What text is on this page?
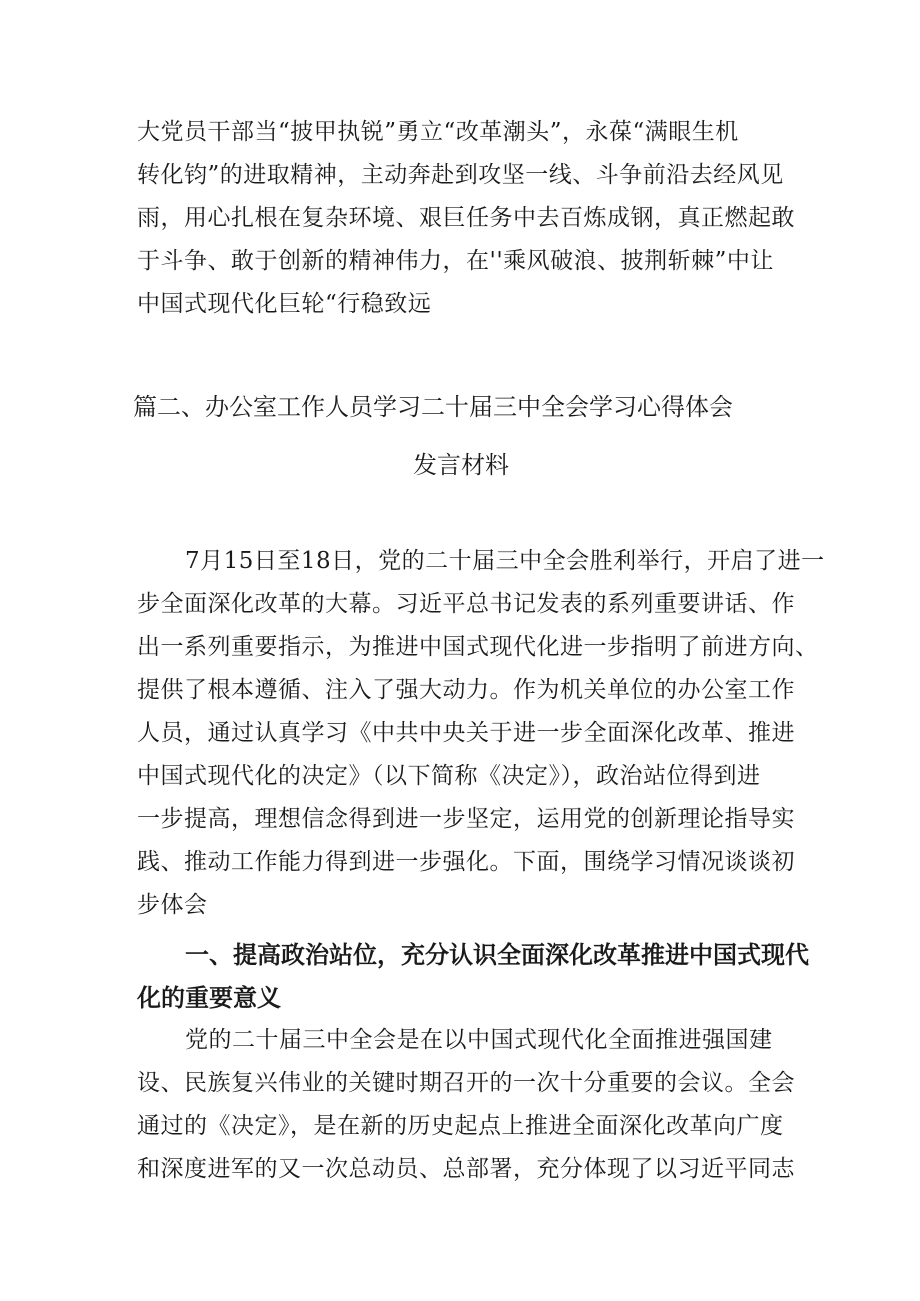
大党员干部当“披甲执锐”勇立“改革潮头”，永葆“满眼生机
转化钧”的进取精神，主动奔赴到攻坚一线、斗争前沿去经风见
雨，用心扎根在复杂环境、艰巨任务中去百炼成钢，真正燃起敢
于斗争、敢于创新的精神伟力，在''乘风破浪、披荆斩棘”中让
中国式现代化巨轮“行稳致远
篇二、办公室工作人员学习二十届三中全会学习心得体会
发言材料
7月15日至18日，党的二十届三中全会胜利举行，开启了进一
步全面深化改革的大幕。习近平总书记发表的系列重要讲话、作
出一系列重要指示，为推进中国式现代化进一步指明了前进方向、
提供了根本遵循、注入了强大动力。作为机关单位的办公室工作
人员，通过认真学习《中共中央关于进一步全面深化改革、推进
中国式现代化的决定》（以下简称《决定》），政治站位得到进
一步提高，理想信念得到进一步坚定，运用党的创新理论指导实
践、推动工作能力得到进一步强化。下面，围绕学习情况谈谈初
步体会
一、提高政治站位，充分认识全面深化改革推进中国式现代
化的重要意义
党的二十届三中全会是在以中国式现代化全面推进强国建
设、民族复兴伟业的关键时期召开的一次十分重要的会议。全会
通过的《决定》，是在新的历史起点上推进全面深化改革向广度
和深度进军的又一次总动员、总部署，充分体现了以习近平同志
